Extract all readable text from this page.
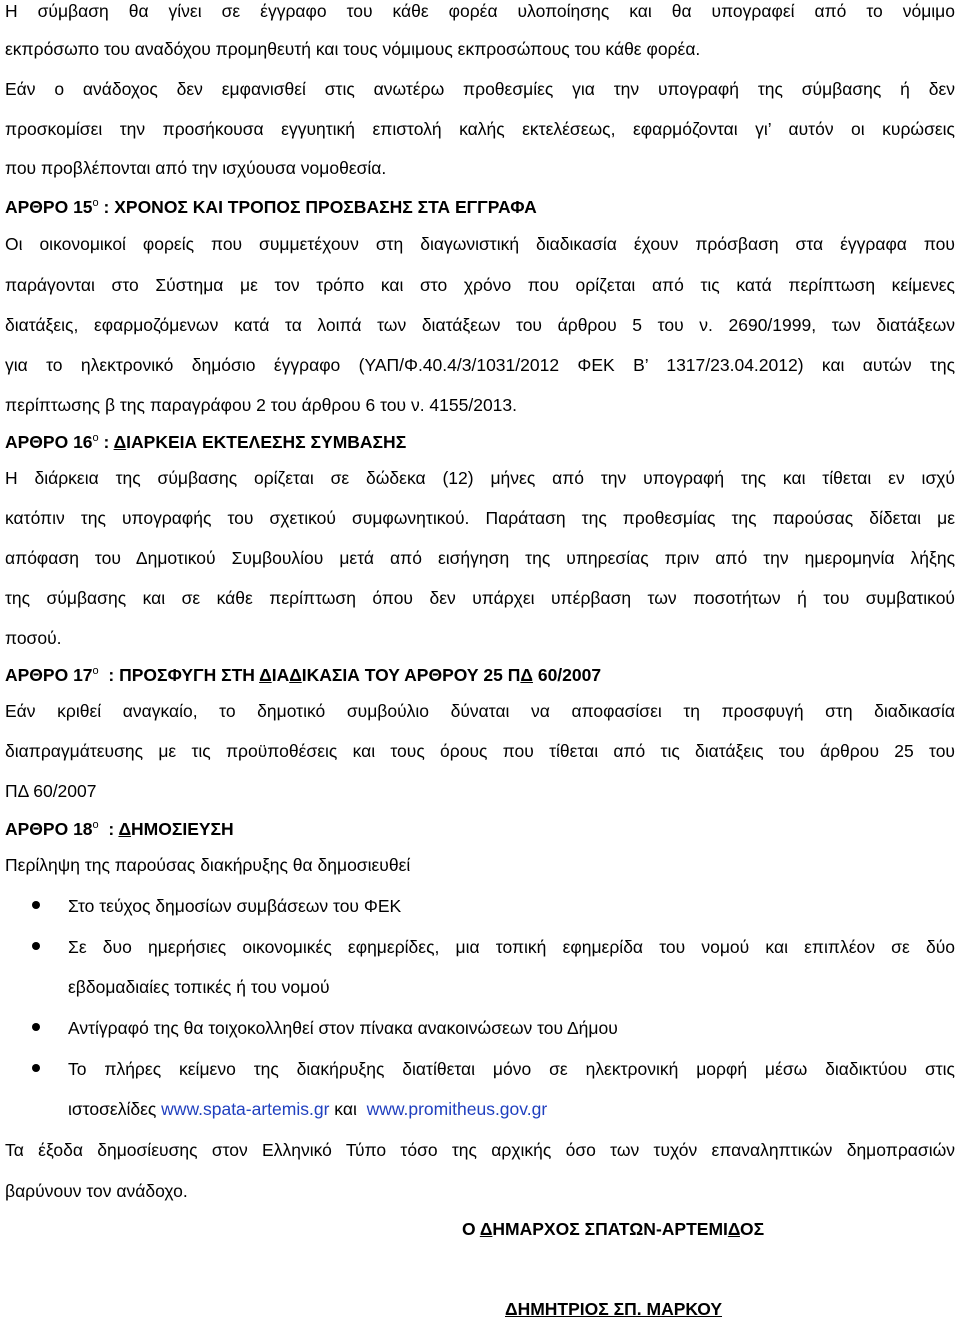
Η σύμβαση θα γίνει σε έγγραφο του κάθε φορέα υλοποίησης και θα υπογραφεί από το νόμιμο
εκπρόσωπο του αναδόχου προμηθευτή και τους νόμιμους εκπροσώπους του κάθε φορέα.
Εάν ο ανάδοχος δεν εμφανισθεί στις ανωτέρω προθεσμίες για την υπογραφή της σύμβασης ή δεν
προσκομίσει την προσήκουσα εγγυητική επιστολή καλής εκτελέσεως, εφαρμόζονται γι’ αυτόν οι κυρώσεις
που προβλέπονται από την ισχύουσα νομοθεσία.
ΑΡΘΡΟ $15^o$ : ΧΡΟΝΟΣ ΚΑΙ ΤΡΟΠΟΣ ΠΡΟΣΒΑΣΗΣ ΣΤΑ ΕΓΓΡΑΦΑ
Οι οικονομικοί φορείς που συμμετέχουν στη διαγωνιστική διαδικασία έχουν πρόσβαση στα έγγραφα που
παράγονται στο Σύστημα με τον τρόπο και στο χρόνο που ορίζεται από τις κατά περίπτωση κείμενες
διατάξεις, εφαρμοζόμενων κατά τα λοιπά των διατάξεων του άρθρου 5 του ν. 2690/1999, των διατάξεων
για το ηλεκτρονικό δημόσιο έγγραφο (ΥΑΠ/Φ.40.4/3/1031/2012 ΦΕΚ Β’ 1317/23.04.2012) και αυτών της
περίπτωσης β της παραγράφου 2 του άρθρου 6 του ν. 4155/2013.
ΑΡΘΡΟ $16^o$ : ΔΙΑΡΚΕΙΑ ΕΚΤΕΛΕΣΗΣ ΣΥΜΒΑΣΗΣ
Η διάρκεια της σύμβασης ορίζεται σε δώδεκα (12) μήνες από την υπογραφή της και τίθεται εν ισχύ
κατόπιν της υπογραφής του σχετικού συμφωνητικού. Παράταση της προθεσμίας της παρούσας δίδεται με
απόφαση του Δημοτικού Συμβουλίου μετά από εισήγηση της υπηρεσίας πριν από την ημερομηνία λήξης
της σύμβασης και σε κάθε περίπτωση όπου δεν υπάρχει υπέρβαση των ποσοτήτων ή του συμβατικού
ποσού.
ΑΡΘΡΟ $17^o$  : ΠΡΟΣΦΥΓΗ ΣΤΗ ΔΙΑΔΙΚΑΣΙΑ ΤΟΥ ΑΡΘΡΟΥ 25 ΠΔ 60/2007
Εάν κριθεί αναγκαίο, το δημοτικό συμβούλιο δύναται να αποφασίσει τη προσφυγή στη διαδικασία
διαπραγμάτευσης με τις προϋποθέσεις και τους όρους που τίθεται από τις διατάξεις του άρθρου 25 του
ΠΔ 60/2007
ΑΡΘΡΟ $18^o$  : ΔΗΜΟΣΙΕΥΣΗ
Περίληψη της παρούσας διακήρυξης θα δημοσιευθεί
Στο τεύχος δημοσίων συμβάσεων του ΦΕΚ
Σε δυο ημερήσιες οικονομικές εφημερίδες, μια τοπική εφημερίδα του νομού και επιπλέον σε δύο
εβδομαδιαίες τοπικές ή του νομού
Αντίγραφό της θα τοιχοκολληθεί στον πίνακα ανακοινώσεων του Δήμου
Το πλήρες κείμενο της διακήρυξης διατίθεται μόνο σε ηλεκτρονική μορφή μέσω διαδικτύου στις
ιστοσελίδες www.spata-artemis.gr και  www.promitheus.gov.gr
Τα έξοδα δημοσίευσης στον Ελληνικό Τύπο τόσο της αρχικής όσο των τυχόν επαναληπτικών δημοπρασιών
βαρύνουν τον ανάδοχο.
Ο ΔΗΜΑΡΧΟΣ ΣΠΑΤΩΝ-ΑΡΤΕΜΙΔΟΣ
ΔΗΜΗΤΡΙΟΣ ΣΠ. ΜΑΡΚΟΥ
